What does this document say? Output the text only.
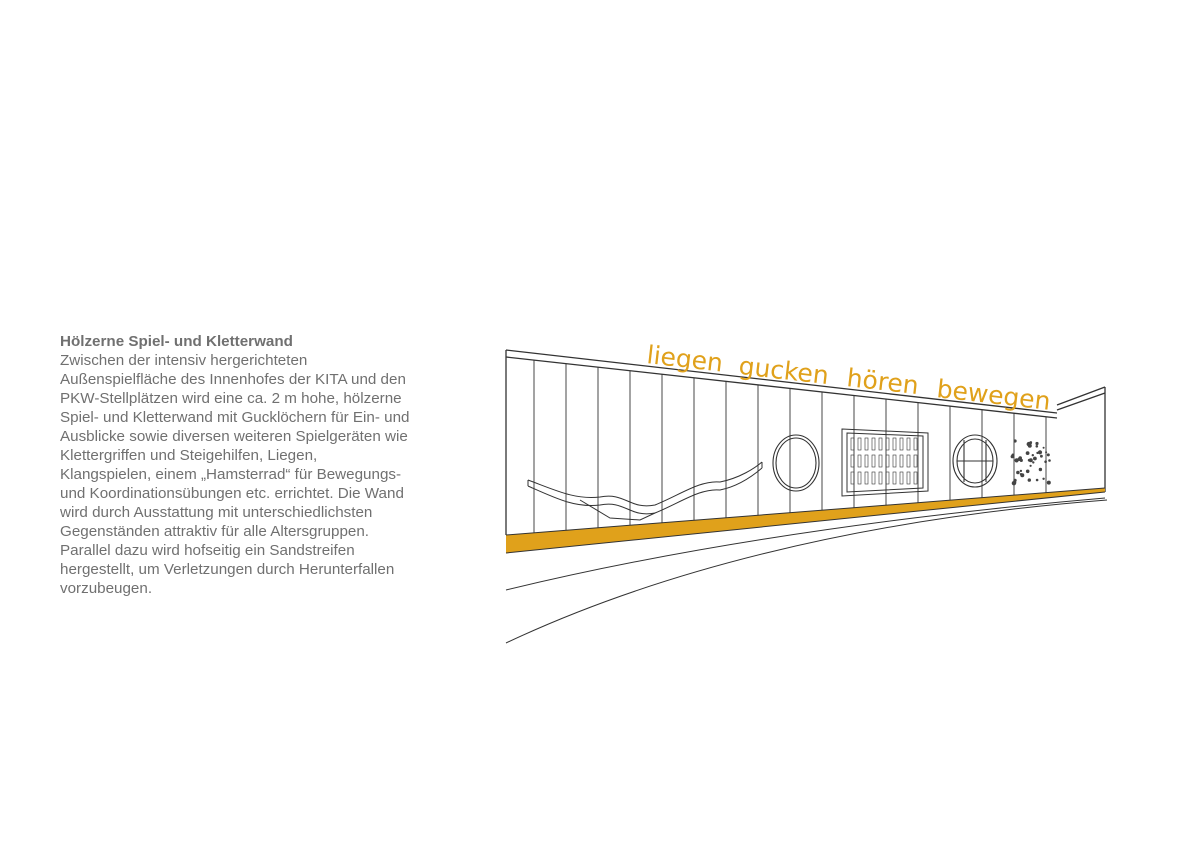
Hölzerne Spiel- und Kletterwand
Zwischen der intensiv hergerichteten
Außenspielfläche des Innenhofes der KITA und den
PKW-Stellplätzen wird eine ca. 2 m hohe, hölzerne
Spiel- und Kletterwand mit Gucklöchern für Ein- und
Ausblicke sowie diversen weiteren Spielgeräten wie
Klettergriffen und Steigehilfen, Liegen,
Klangspielen, einem „Hamsterrad“ für Bewegungs-
und Koordinationsübungen etc. errichtet. Die Wand
wird durch Ausstattung mit unterschiedlichsten
Gegenständen attraktiv für alle Altersgruppen.
Parallel dazu wird hofseitig ein Sandstreifen
hergestellt, um Verletzungen durch Herunterfallen
vorzubeugen.
liegen gucken hören bewegen
